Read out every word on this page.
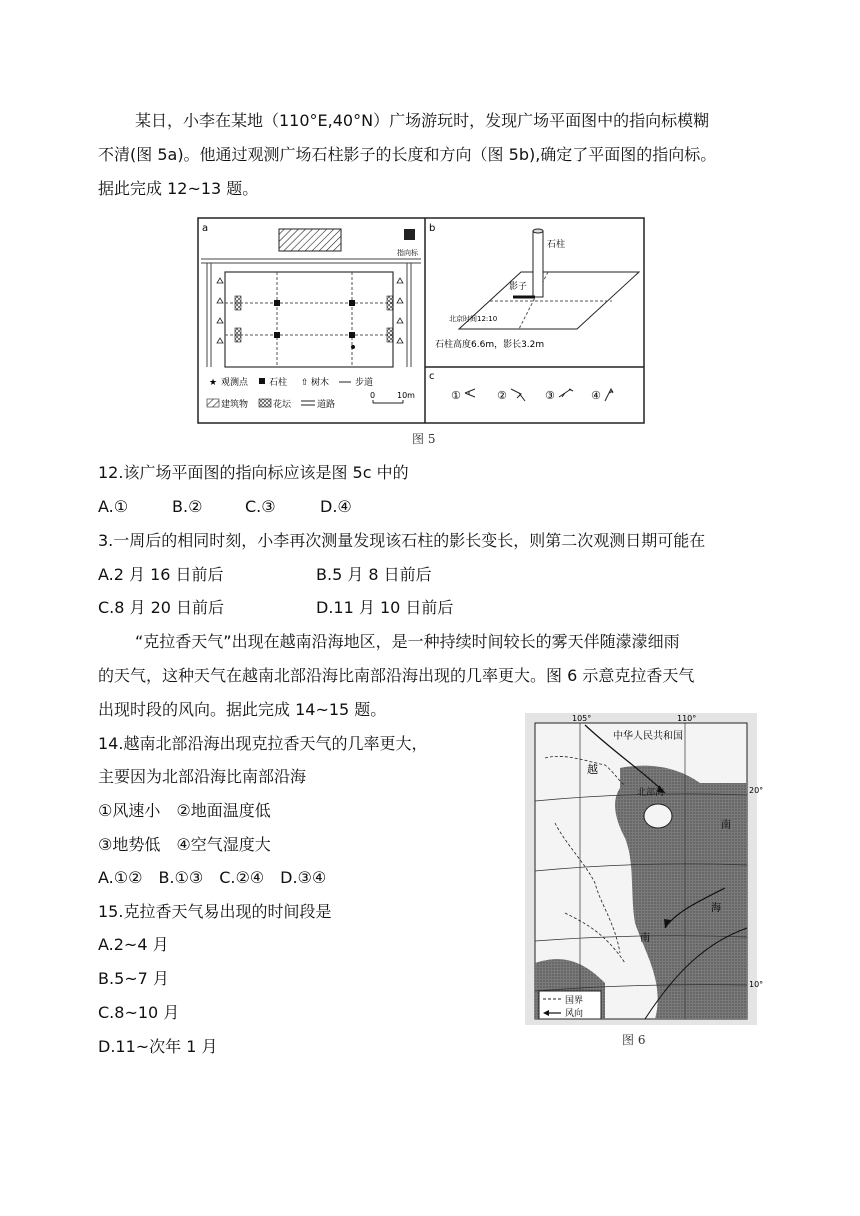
某日，小李在某地（110°E,40°N）广场游玩时，发现广场平面图中的指向标模糊
不清(图 5a)。他通过观测广场石柱影子的长度和方向（图 5b),确定了平面图的指向标。
据此完成 12~13 题。
a
指向标
★ 观测点 石柱 ⇧ 树木	步道
建筑物	花坛	道路
0	10m
b
石柱
影子
北京时间12:10
石柱高度6.6m，影长3.2m
c
①	②	③	④
图 5
12.该广场平面图的指向标应该是图 5c 中的
A.①	B.②	C.③	D.④
3.一周后的相同时刻，小李再次测量发现该石柱的影长变长，则第二次观测日期可能在
A.2 月 16 日前后	B.5 月 8 日前后
C.8 月 20 日前后	D.11 月 10 日前后
“克拉香天气”出现在越南沿海地区，是一种持续时间较长的雾天伴随濛濛细雨
的天气，这种天气在越南北部沿海比南部沿海出现的几率更大。图 6 示意克拉香天气
出现时段的风向。据此完成 14~15 题。
14.越南北部沿海出现克拉香天气的几率更大，
主要因为北部沿海比南部沿海
①风速小　②地面温度低
③地势低　④空气湿度大
A.①②　B.①③　C.②④　D.③④
15.克拉香天气易出现的时间段是
A.2~4 月
B.5~7 月
C.8~10 月
D.11~次年 1 月
105°	110°
20°
10°
中华人民共和国
越
北部湾
南
海
南
国界
风向
图 6
